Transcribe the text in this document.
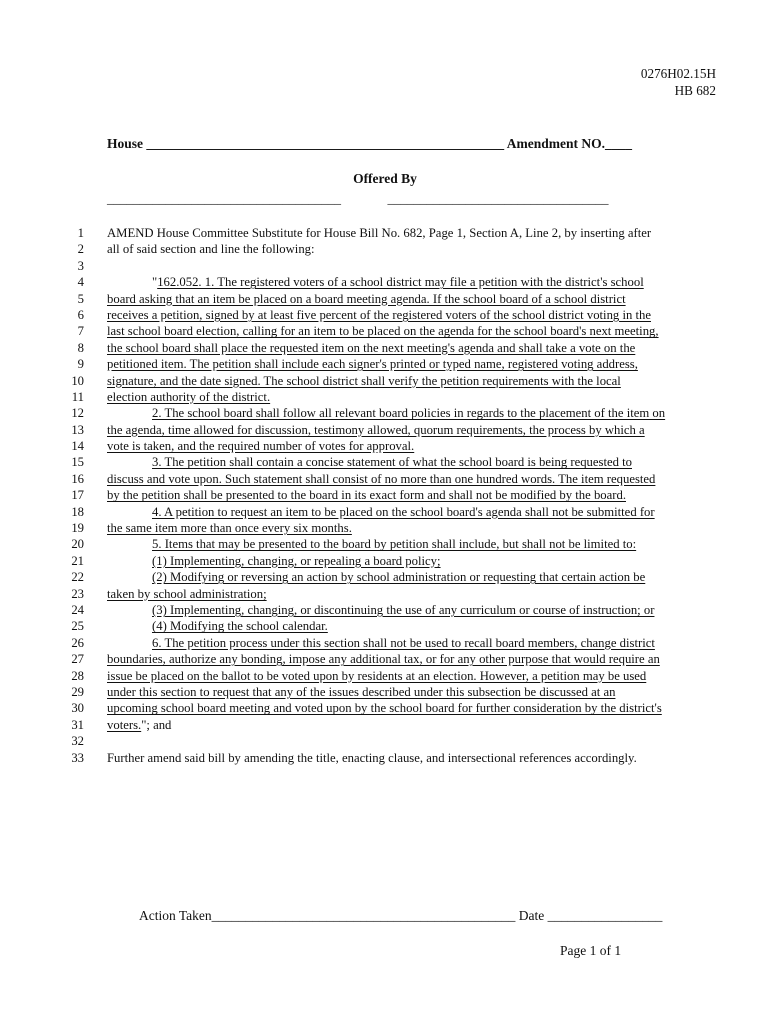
0276H02.15H
HB 682
House _____________________________________________________ Amendment NO.____
Offered By
____________________________________	__________________________________
1 AMEND House Committee Substitute for House Bill No. 682, Page 1, Section A, Line 2, by inserting after
2 all of said section and line the following:
3
4	"162.052. 1. The registered voters of a school district may file a petition with the district's school
5 board asking that an item be placed on a board meeting agenda. If the school board of a school district
6 receives a petition, signed by at least five percent of the registered voters of the school district voting in the
7 last school board election, calling for an item to be placed on the agenda for the school board's next meeting,
8 the school board shall place the requested item on the next meeting's agenda and shall take a vote on the
9 petitioned item. The petition shall include each signer's printed or typed name, registered voting address,
10 signature, and the date signed. The school district shall verify the petition requirements with the local
11 election authority of the district.
12	2. The school board shall follow all relevant board policies in regards to the placement of the item on
13 the agenda, time allowed for discussion, testimony allowed, quorum requirements, the process by which a
14 vote is taken, and the required number of votes for approval.
15	3. The petition shall contain a concise statement of what the school board is being requested to
16 discuss and vote upon. Such statement shall consist of no more than one hundred words. The item requested
17 by the petition shall be presented to the board in its exact form and shall not be modified by the board.
18	4. A petition to request an item to be placed on the school board's agenda shall not be submitted for
19 the same item more than once every six months.
20	5. Items that may be presented to the board by petition shall include, but shall not be limited to:
21	(1) Implementing, changing, or repealing a board policy;
22	(2) Modifying or reversing an action by school administration or requesting that certain action be
23 taken by school administration;
24	(3) Implementing, changing, or discontinuing the use of any curriculum or course of instruction; or
25	(4) Modifying the school calendar.
26	6. The petition process under this section shall not be used to recall board members, change district
27 boundaries, authorize any bonding, impose any additional tax, or for any other purpose that would require an
28 issue be placed on the ballot to be voted upon by residents at an election. However, a petition may be used
29 under this section to request that any of the issues described under this subsection be discussed at an
30 upcoming school board meeting and voted upon by the school board for further consideration by the district's
31 voters."; and
32
33 Further amend said bill by amending the title, enacting clause, and intersectional references accordingly.
Action Taken_____________________________________________ Date _________________
Page 1 of 1
